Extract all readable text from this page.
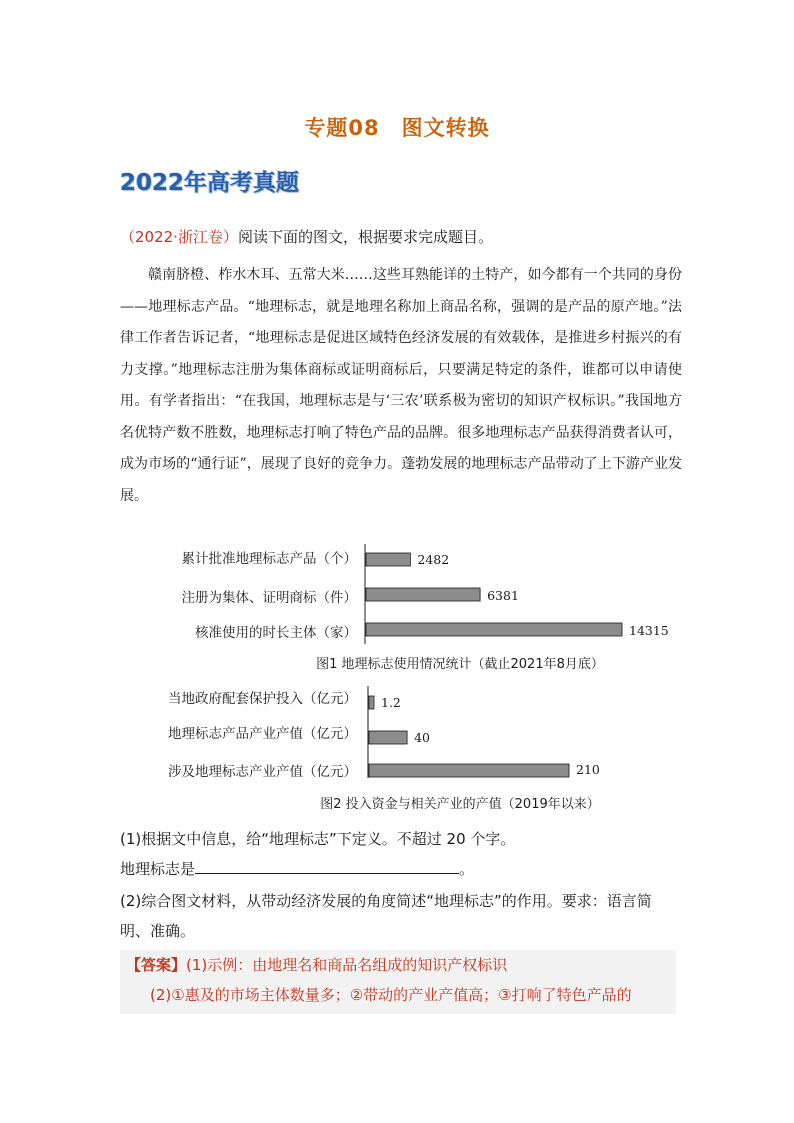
专题08　图文转换
2022年高考真题
（2022·浙江卷）阅读下面的图文，根据要求完成题目。
赣南脐橙、柞水木耳、五常大米……这些耳熟能详的土特产，如今都有一个共同的身份——地理标志产品。“地理标志，就是地理名称加上商品名称，强调的是产品的原产地。”法律工作者告诉记者，“地理标志是促进区域特色经济发展的有效载体，是推进乡村振兴的有力支撑。”地理标志注册为集体商标或证明商标后，只要满足特定的条件，谁都可以申请使用。有学者指出：“在我国，地理标志是与‘三农’联系极为密切的知识产权标识。”我国地方名优特产数不胜数，地理标志打响了特色产品的品牌。很多地理标志产品获得消费者认可，成为市场的“通行证”，展现了良好的竞争力。蓬勃发展的地理标志产品带动了上下游产业发展。
累计批准地理标志产品（个）
注册为集体、证明商标（件）
核准使用的时长主体（家）
2482
6381
14315
图1 地理标志使用情况统计（截止2021年8月底）
当地政府配套保护投入（亿元）
地理标志产品产业产值（亿元）
涉及地理标志产业产值（亿元）
1.2
40
210
图2 投入资金与相关产业的产值（2019年以来）
(1)根据文中信息，给“地理标志”下定义。不超过 20 个字。
地理标志是	。
(2)综合图文材料，从带动经济发展的角度简述“地理标志”的作用。要求：语言简
明、准确。
【答案】(1)示例：由地理名和商品名组成的知识产权标识
(2)①惠及的市场主体数量多；②带动的产业产值高；③打响了特色产品的
